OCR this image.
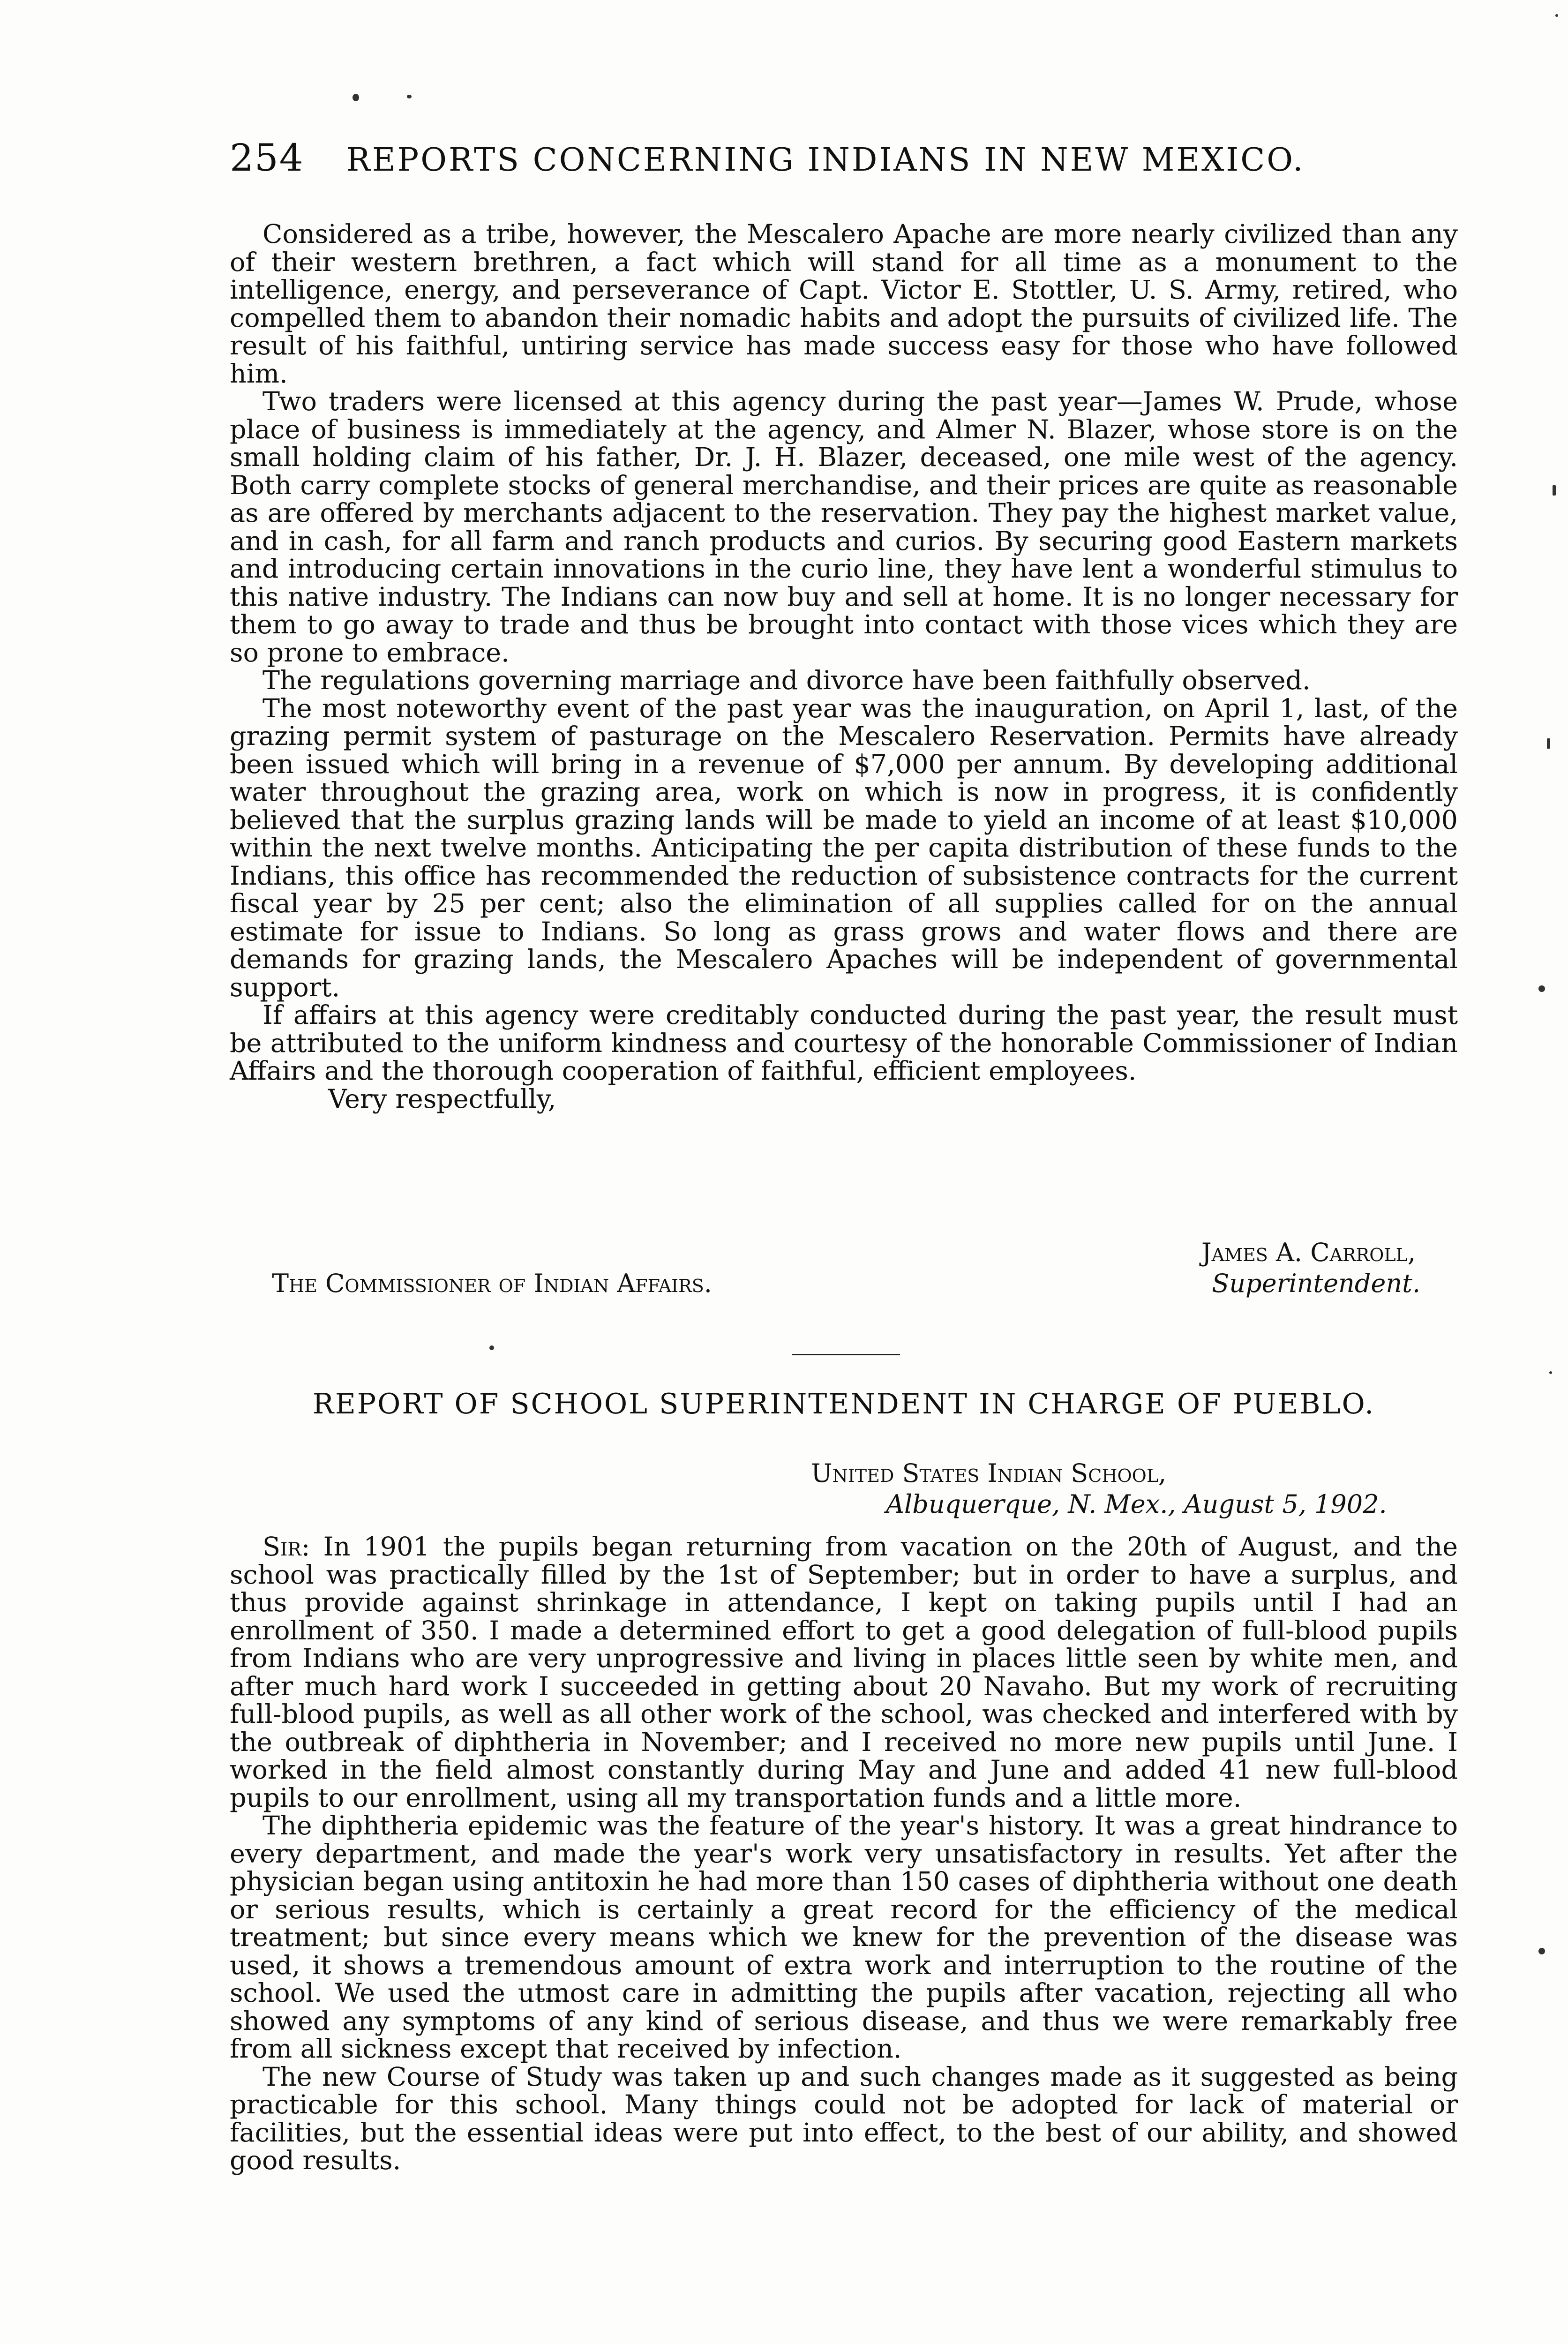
254 REPORTS CONCERNING INDIANS IN NEW MEXICO.

Considered as a tribe, however, the Mescalero Apache are more nearly civilized than any of their western brethren, a fact which will stand for all time as a monument to the intelligence, energy, and perseverance of Capt. Victor E. Stottler, U. S. Army, retired, who compelled them to abandon their nomadic habits and adopt the pursuits of civilized life. The result of his faithful, untiring service has made success easy for those who have followed him.

Two traders were licensed at this agency during the past year—James W. Prude, whose place of business is immediately at the agency, and Almer N. Blazer, whose store is on the small holding claim of his father, Dr. J. H. Blazer, deceased, one mile west of the agency. Both carry complete stocks of general merchandise, and their prices are quite as reasonable as are offered by merchants adjacent to the reservation. They pay the highest market value, and in cash, for all farm and ranch products and curios. By securing good Eastern markets and introducing certain innovations in the curio line, they have lent a wonderful stimulus to this native industry. The Indians can now buy and sell at home. It is no longer necessary for them to go away to trade and thus be brought into contact with those vices which they are so prone to embrace.

The regulations governing marriage and divorce have been faithfully observed.

The most noteworthy event of the past year was the inauguration, on April 1, last, of the grazing permit system of pasturage on the Mescalero Reservation. Permits have already been issued which will bring in a revenue of $7,000 per annum. By developing additional water throughout the grazing area, work on which is now in progress, it is confidently believed that the surplus grazing lands will be made to yield an income of at least $10,000 within the next twelve months. Anticipating the per capita distribution of these funds to the Indians, this office has recommended the reduction of subsistence contracts for the current fiscal year by 25 per cent; also the elimination of all supplies called for on the annual estimate for issue to Indians. So long as grass grows and water flows and there are demands for grazing lands, the Mescalero Apaches will be independent of governmental support.

If affairs at this agency were creditably conducted during the past year, the result must be attributed to the uniform kindness and courtesy of the honorable Commissioner of Indian Affairs and the thorough cooperation of faithful, efficient employees.

Very respectfully,

James A. Carroll,
Superintendent.
The Commissioner of Indian Affairs.
REPORT OF SCHOOL SUPERINTENDENT IN CHARGE OF PUEBLO.
United States Indian School,
Albuquerque, N. Mex., August 5, 1902.

Sir: In 1901 the pupils began returning from vacation on the 20th of August, and the school was practically filled by the 1st of September; but in order to have a surplus, and thus provide against shrinkage in attendance, I kept on taking pupils until I had an enrollment of 350. I made a determined effort to get a good delegation of full-blood pupils from Indians who are very unprogressive and living in places little seen by white men, and after much hard work I succeeded in getting about 20 Navaho. But my work of recruiting full-blood pupils, as well as all other work of the school, was checked and interfered with by the outbreak of diphtheria in November; and I received no more new pupils until June. I worked in the field almost constantly during May and June and added 41 new full-blood pupils to our enrollment, using all my transportation funds and a little more.

The diphtheria epidemic was the feature of the year's history. It was a great hindrance to every department, and made the year's work very unsatisfactory in results. Yet after the physician began using antitoxin he had more than 150 cases of diphtheria without one death or serious results, which is certainly a great record for the efficiency of the medical treatment; but since every means which we knew for the prevention of the disease was used, it shows a tremendous amount of extra work and interruption to the routine of the school. We used the utmost care in admitting the pupils after vacation, rejecting all who showed any symptoms of any kind of serious disease, and thus we were remarkably free from all sickness except that received by infection.

The new Course of Study was taken up and such changes made as it suggested as being practicable for this school. Many things could not be adopted for lack of material or facilities, but the essential ideas were put into effect, to the best of our ability, and showed good results.
